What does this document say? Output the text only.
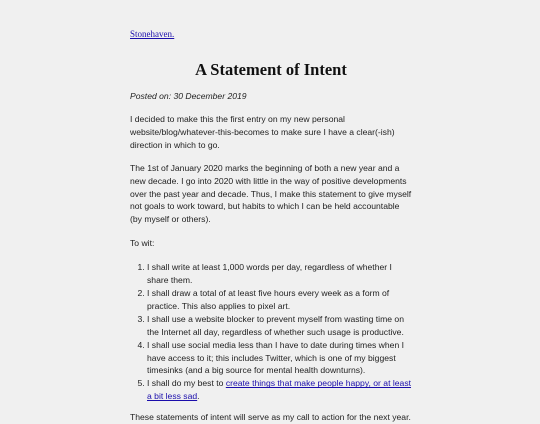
Stonehaven.
A Statement of Intent
Posted on: 30 December 2019

I decided to make this the first entry on my new personal website/blog/whatever-this-becomes to make sure I have a clear(-ish) direction in which to go.

The 1st of January 2020 marks the beginning of both a new year and a new decade. I go into 2020 with little in the way of positive developments over the past year and decade. Thus, I make this statement to give myself not goals to work toward, but habits to which I can be held accountable (by myself or others).

To wit:

1. I shall write at least 1,000 words per day, regardless of whether I share them.
2. I shall draw a total of at least five hours every week as a form of practice. This also applies to pixel art.
3. I shall use a website blocker to prevent myself from wasting time on the Internet all day, regardless of whether such usage is productive.
4. I shall use social media less than I have to date during times when I have access to it; this includes Twitter, which is one of my biggest timesinks (and a big source for mental health downturns).
5. I shall do my best to create things that make people happy, or at least a bit less sad.

These statements of intent will serve as my call to action for the next year.
